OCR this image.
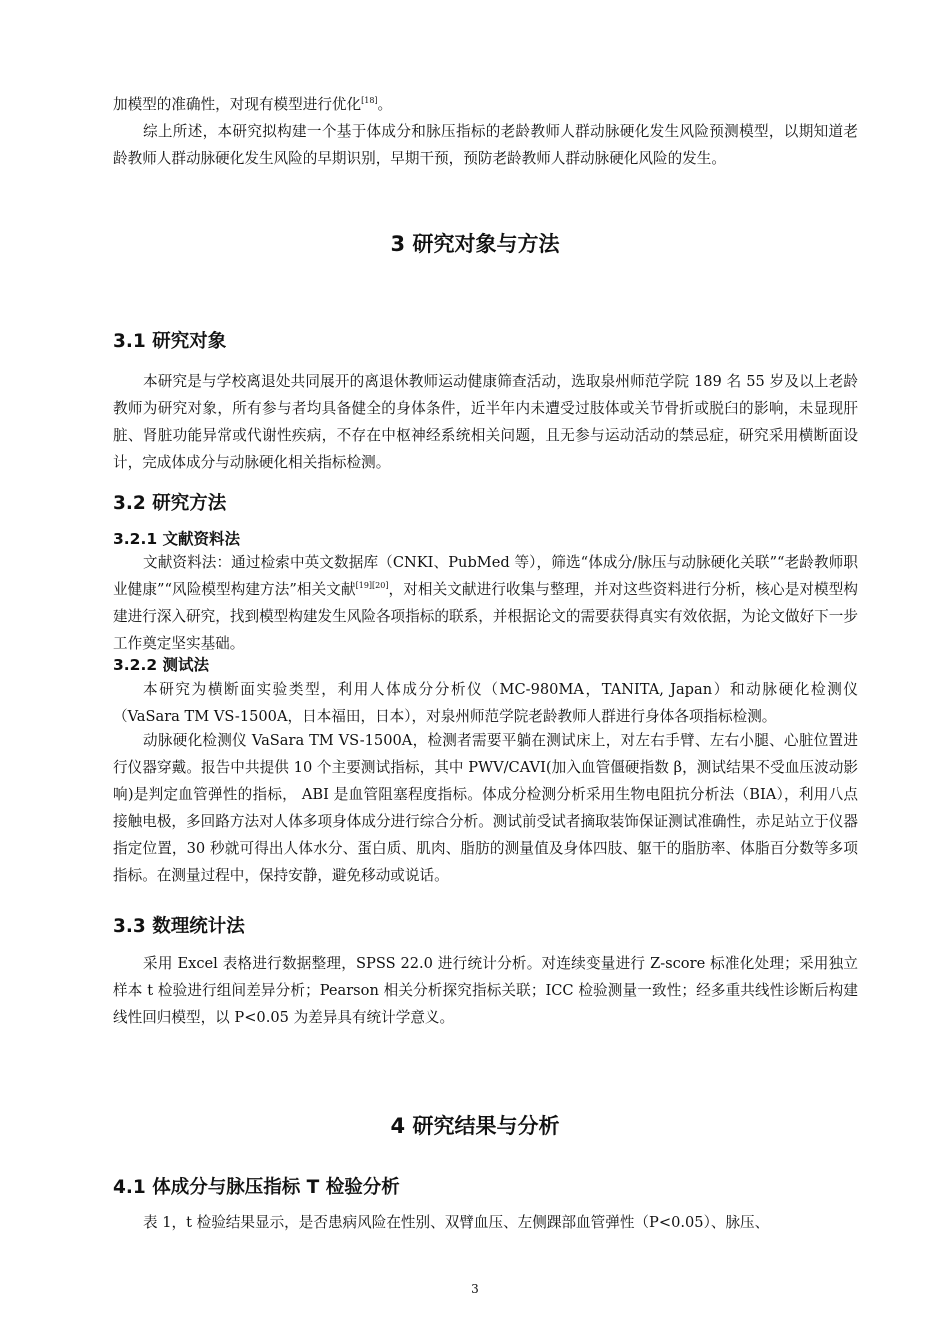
加模型的准确性，对现有模型进行优化[18]。

综上所述，本研究拟构建一个基于体成分和脉压指标的老龄教师人群动脉硬化发生风险预测模型，以期知道老龄教师人群动脉硬化发生风险的早期识别，早期干预，预防老龄教师人群动脉硬化风险的发生。

3 研究对象与方法
3.1 研究对象

本研究是与学校离退处共同展开的离退休教师运动健康筛查活动，选取泉州师范学院 189 名 55 岁及以上老龄教师为研究对象，所有参与者均具备健全的身体条件，近半年内未遭受过肢体或关节骨折或脱臼的影响，未显现肝脏、肾脏功能异常或代谢性疾病，不存在中枢神经系统相关问题，且无参与运动活动的禁忌症，研究采用横断面设计，完成体成分与动脉硬化相关指标检测。

3.2 研究方法
3.2.1 文献资料法

文献资料法：通过检索中英文数据库（CNKI、PubMed 等），筛选“体成分/脉压与动脉硬化关联”“老龄教师职业健康”“风险模型构建方法”相关文献[19][20]，对相关文献进行收集与整理，并对这些资料进行分析，核心是对模型构建进行深入研究，找到模型构建发生风险各项指标的联系，并根据论文的需要获得真实有效依据，为论文做好下一步工作奠定坚实基础。

3.2.2 测试法

本研究为横断面实验类型，利用人体成分分析仪（MC-980MA，TANITA, Japan）和动脉硬化检测仪（VaSara TM VS-1500A，日本福田，日本），对泉州师范学院老龄教师人群进行身体各项指标检测。

动脉硬化检测仪 VaSara TM VS-1500A，检测者需要平躺在测试床上，对左右手臂、左右小腿、心脏位置进行仪器穿戴。报告中共提供 10 个主要测试指标，其中 PWV/CAVI(加入血管僵硬指数 β，测试结果不受血压波动影响)是判定血管弹性的指标， ABI 是血管阻塞程度指标。体成分检测分析采用生物电阻抗分析法（BIA），利用八点接触电极，多回路方法对人体多项身体成分进行综合分析。测试前受试者摘取装饰保证测试准确性，赤足站立于仪器指定位置，30 秒就可得出人体水分、蛋白质、肌肉、脂肪的测量值及身体四肢、躯干的脂肪率、体脂百分数等多项指标。在测量过程中，保持安静，避免移动或说话。

3.3 数理统计法

采用 Excel 表格进行数据整理，SPSS 22.0 进行统计分析。对连续变量进行 Z-score 标准化处理；采用独立样本 t 检验进行组间差异分析；Pearson 相关分析探究指标关联；ICC 检验测量一致性；经多重共线性诊断后构建线性回归模型，以 P<0.05 为差异具有统计学意义。

4 研究结果与分析
4.1 体成分与脉压指标 T 检验分析

表 1，t 检验结果显示，是否患病风险在性别、双臂血压、左侧踝部血管弹性（P<0.05）、脉压、

3
